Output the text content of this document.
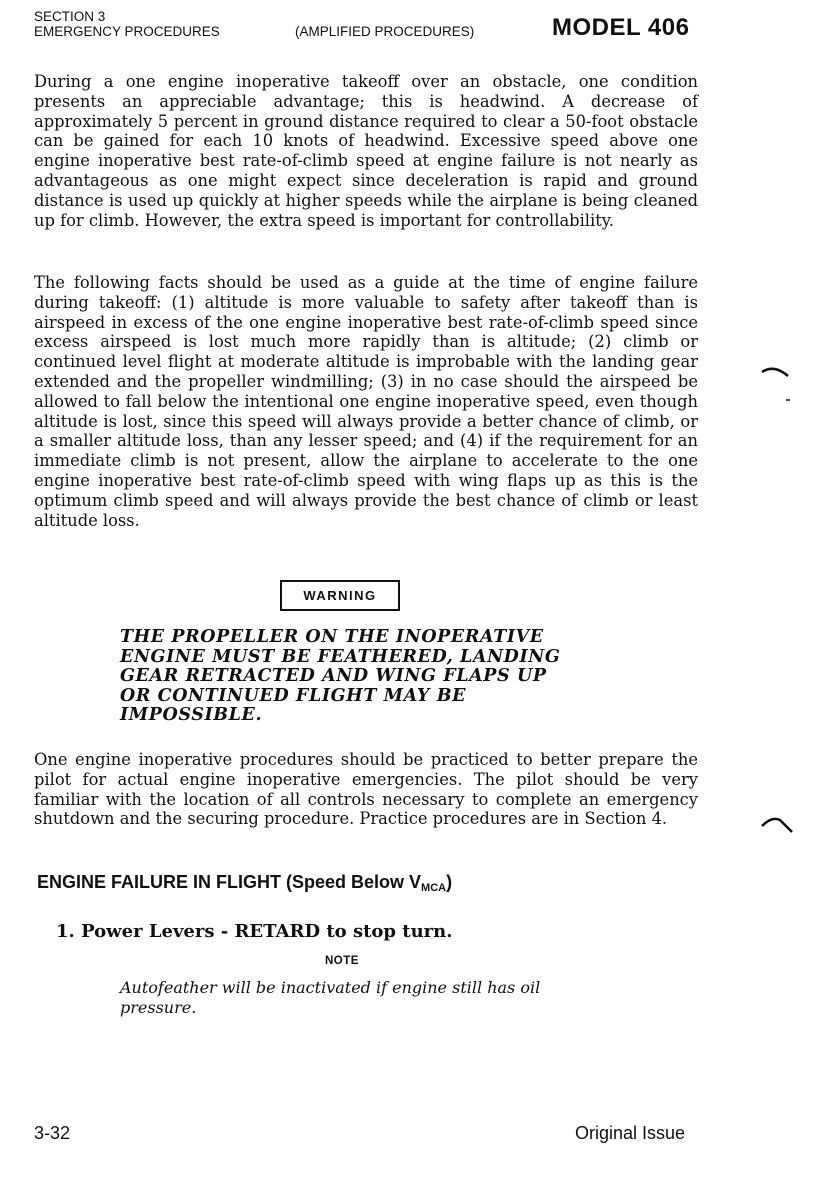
SECTION 3
EMERGENCY PROCEDURES	(AMPLIFIED PROCEDURES)	MODEL 406

During a one engine inoperative takeoff over an obstacle, one condition presents an appreciable advantage; this is headwind. A decrease of approximately 5 percent in ground distance required to clear a 50-foot obstacle can be gained for each 10 knots of headwind. Excessive speed above one engine inoperative best rate-of-climb speed at engine failure is not nearly as advantageous as one might expect since deceleration is rapid and ground distance is used up quickly at higher speeds while the airplane is being cleaned up for climb. However, the extra speed is important for controllability.

The following facts should be used as a guide at the time of engine failure during takeoff: (1) altitude is more valuable to safety after takeoff than is airspeed in excess of the one engine inoperative best rate-of-climb speed since excess airspeed is lost much more rapidly than is altitude; (2) climb or continued level flight at moderate altitude is improbable with the landing gear extended and the propeller windmilling; (3) in no case should the airspeed be allowed to fall below the intentional one engine inoperative speed, even though altitude is lost, since this speed will always provide a better chance of climb, or a smaller altitude loss, than any lesser speed; and (4) if the requirement for an immediate climb is not present, allow the airplane to accelerate to the one engine inoperative best rate-of-climb speed with wing flaps up as this is the optimum climb speed and will always provide the best chance of climb or least altitude loss.

WARNING

THE PROPELLER ON THE INOPERATIVE ENGINE MUST BE FEATHERED, LANDING GEAR RETRACTED AND WING FLAPS UP OR CONTINUED FLIGHT MAY BE IMPOSSIBLE.

One engine inoperative procedures should be practiced to better prepare the pilot for actual engine inoperative emergencies. The pilot should be very familiar with the location of all controls necessary to complete an emergency shutdown and the securing procedure. Practice procedures are in Section 4.

ENGINE FAILURE IN FLIGHT (Speed Below $V_{MCA}$)
1. Power Levers - RETARD to stop turn.
NOTE

Autofeather will be inactivated if engine still has oil pressure.

3-32	Original Issue
